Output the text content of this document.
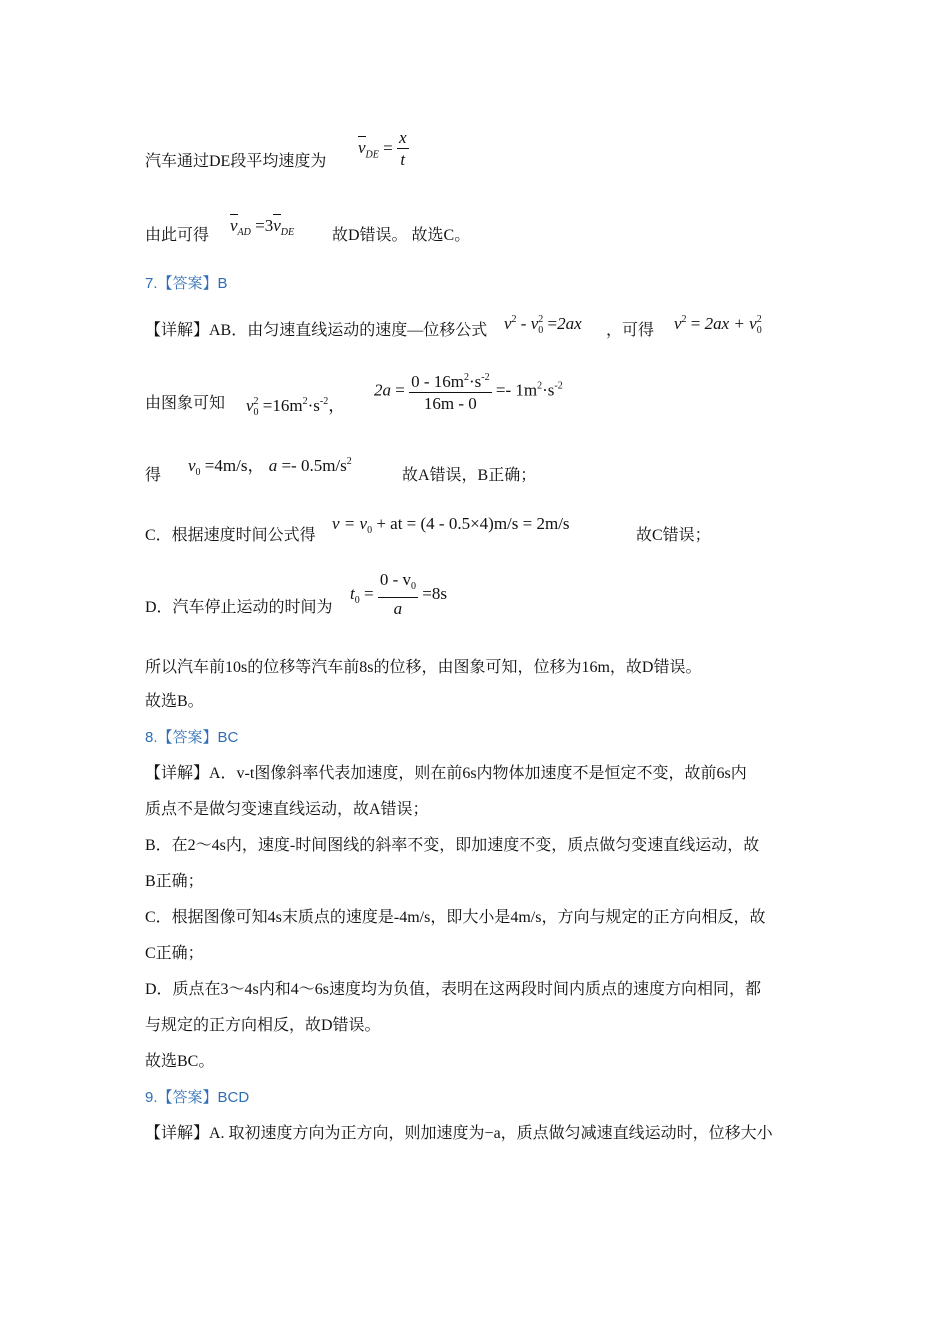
汽车通过DE段平均速度为
$v_{DE} = \frac{x}{t}$
由此可得
$v_{AD} =3v_{DE}$ 故D错误。 故选C。
7.【答案】B
【详解】AB．由匀速直线运动的速度—位移公式 $v^2 - v_0^2 =2ax$ ，可得 $v^2 = 2ax + v_0^2$
由图象可知 $v_0^2 =16m^2\cdot s^{-2}$，
$2a = \frac{0 - 16m^2\cdot s^{-2}}{16m - 0} =- 1m^2\cdot s^{-2}$
得
$v_0 =4m/s$， $a =- 0.5m/s^2$
故A错误，B正确；
C．根据速度时间公式得
$v = v_0$ + at = (4 - 0.5×4)m/s = 2m/s
故C错误；
D．汽车停止运动的时间为
$t_0 = \frac{0 - v_0}{a} =8s$
所以汽车前10s的位移等汽车前8s的位移，由图象可知，位移为16m，故D错误。
故选B。
8.【答案】BC
【详解】A．v-t图像斜率代表加速度，则在前6s内物体加速度不是恒定不变，故前6s内
质点不是做匀变速直线运动，故A错误；
B．在2～4s内，速度-时间图线的斜率不变，即加速度不变，质点做匀变速直线运动，故
B正确；
C．根据图像可知4s末质点的速度是-4m/s，即大小是4m/s，方向与规定的正方向相反，故
C正确；
D．质点在3～4s内和4～6s速度均为负值，表明在这两段时间内质点的速度方向相同，都
与规定的正方向相反，故D错误。
故选BC。
9.【答案】BCD
【详解】A. 取初速度方向为正方向，则加速度为−a，质点做匀减速直线运动时，位移大小
